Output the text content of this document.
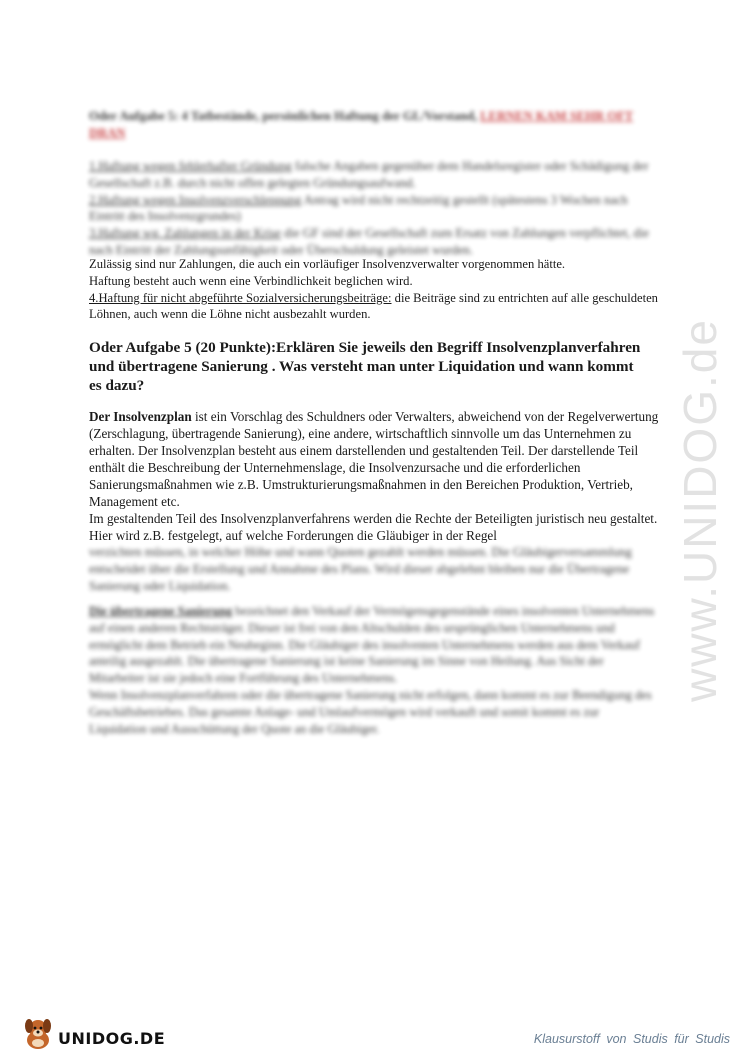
Oder Aufgabe 5: 4 Tatbestände, persönlichen Haftung der GL/Vorstand, LERNEN KAM SEHR OFT DRAN
1.Haftung wegen fehlerhafter Gründung falsche Angaben gegenüber dem Handelsregister oder Schädigung der Gesellschaft z.B. durch nicht offen gelegten Gründungsaufwand.
2.Haftung wegen Insolvenzverschleppung Antrag wird nicht rechtzeitig gestellt (spätestens 3 Wochen nach Eintritt des Insolvenzgrundes)
3.Haftung wg. Zahlungen in der Krise die GF sind der Gesellschaft zum Ersatz von Zahlungen verpflichtet, die nach Eintritt der Zahlungsunfähigkeit oder Überschuldung geleistet wurden.
Zulässig sind nur Zahlungen, die auch ein vorläufiger Insolvenzverwalter vorgenommen hätte.
Haftung besteht auch wenn eine Verbindlichkeit beglichen wird.
4.Haftung für nicht abgeführte Sozialversicherungsbeiträge: die Beiträge sind zu entrichten auf alle geschuldeten Löhnen, auch wenn die Löhne nicht ausbezahlt wurden.
Oder Aufgabe 5 (20 Punkte):Erklären Sie jeweils den Begriff Insolvenzplanverfahren und übertragene Sanierung . Was versteht man unter Liquidation und wann kommt es dazu?
Der Insolvenzplan ist ein Vorschlag des Schuldners oder Verwalters, abweichend von der Regelverwertung (Zerschlagung, übertragende Sanierung), eine andere, wirtschaftlich sinnvolle um das Unternehmen zu erhalten. Der Insolvenzplan besteht aus einem darstellenden und gestaltenden Teil. Der darstellende Teil enthält die Beschreibung der Unternehmenslage, die Insolvenzursache und die erforderlichen Sanierungsmaßnahmen wie z.B. Umstrukturierungsmaßnahmen in den Bereichen Produktion, Vertrieb, Management etc.
Im gestaltenden Teil des Insolvenzplanverfahrens werden die Rechte der Beteiligten juristisch neu gestaltet. Hier wird z.B. festgelegt, auf welche Forderungen die Gläubiger in der Regel
verzichten müssen, in welcher Höhe und wann Quoten gezahlt werden müssen. Die Gläubigerversammlung entscheidet über die Erstellung und Annahme des Plans. Wird dieser abgelehnt bleiben nur die Übertragene Sanierung oder Liquidation.
Die übertragene Sanierung bezeichnet den Verkauf der Vermögensgegenstände eines insolventen Unternehmens auf einen anderen Rechtsträger. Dieser ist frei von den Altschulden des ursprünglichen Unternehmens und ermöglicht dem Betrieb ein Neubeginn. Die Gläubiger des insolventen Unternehmens werden aus dem Verkauf anteilig ausgezahlt. Die übertragene Sanierung ist keine Sanierung im Sinne von Heilung. Aus Sicht der Mitarbeiter ist sie jedoch eine Fortführung des Unternehmens.
Wenn Insolvenzplanverfahren oder die übertragene Sanierung nicht erfolgen, dann kommt es zur Beendigung des Geschäftsbetriebes. Das gesamte Anlage- und Umlaufvermögen wird verkauft und somit kommt es zur Liquidation und Ausschüttung der Quote an die Gläubiger.
www.UNIDOG.de
UNIDOG.DE	Klausurstoff von Studis für Studis
